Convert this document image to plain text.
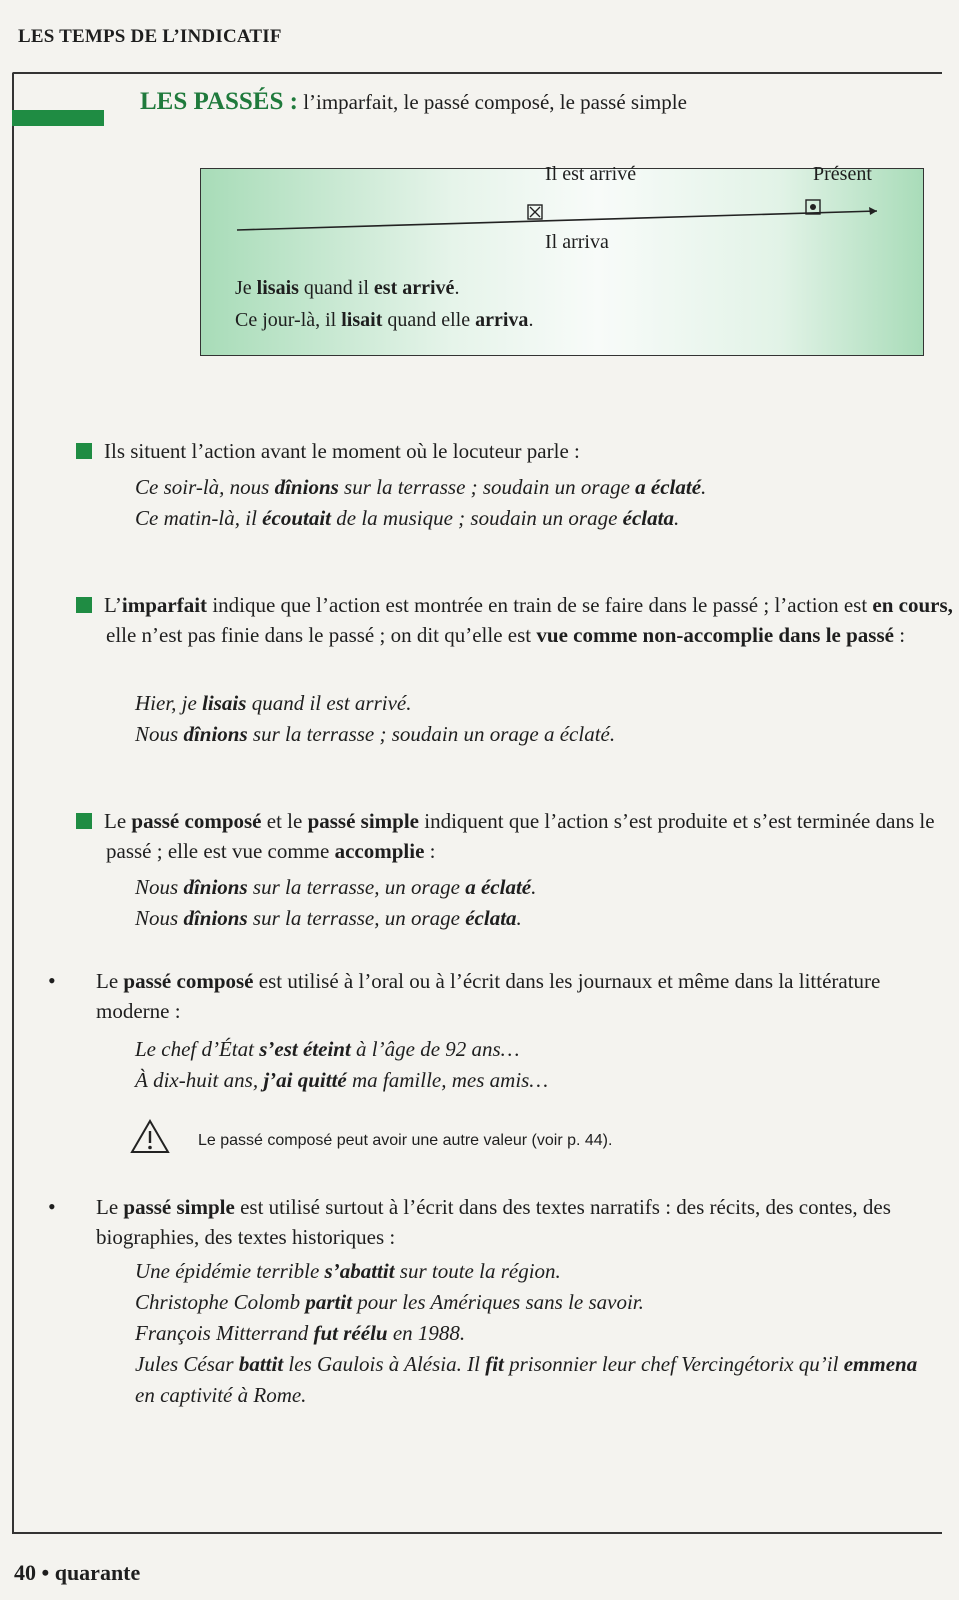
LES TEMPS DE L’INDICATIF
LES PASSÉS : l’imparfait, le passé composé, le passé simple
Il est arrivé	Présent
Il arriva
Je lisais quand il est arrivé.
Ce jour-là, il lisait quand elle arriva.
Ils situent l’action avant le moment où le locuteur parle :
Ce soir-là, nous dînions sur la terrasse ; soudain un orage a éclaté.
Ce matin-là, il écoutait de la musique ; soudain un orage éclata.
L’imparfait indique que l’action est montrée en train de se faire dans le passé ; l’action est en cours, elle n’est pas finie dans le passé ; on dit qu’elle est vue comme non-accomplie dans le passé :
Hier, je lisais quand il est arrivé.
Nous dînions sur la terrasse ; soudain un orage a éclaté.
Le passé composé et le passé simple indiquent que l’action s’est produite et s’est terminée dans le passé ; elle est vue comme accomplie :
Nous dînions sur la terrasse, un orage a éclaté.
Nous dînions sur la terrasse, un orage éclata.
• Le passé composé est utilisé à l’oral ou à l’écrit dans les journaux et même dans la littérature moderne :
Le chef d’État s’est éteint à l’âge de 92 ans…
À dix-huit ans, j’ai quitté ma famille, mes amis…
Le passé composé peut avoir une autre valeur (voir p. 44).
• Le passé simple est utilisé surtout à l’écrit dans des textes narratifs : des récits, des contes, des biographies, des textes historiques :
Une épidémie terrible s’abattit sur toute la région.
Christophe Colomb partit pour les Amériques sans le savoir.
François Mitterrand fut réélu en 1988.
Jules César battit les Gaulois à Alésia. Il fit prisonnier leur chef Vercingétorix qu’il emmena en captivité à Rome.
40 • quarante
